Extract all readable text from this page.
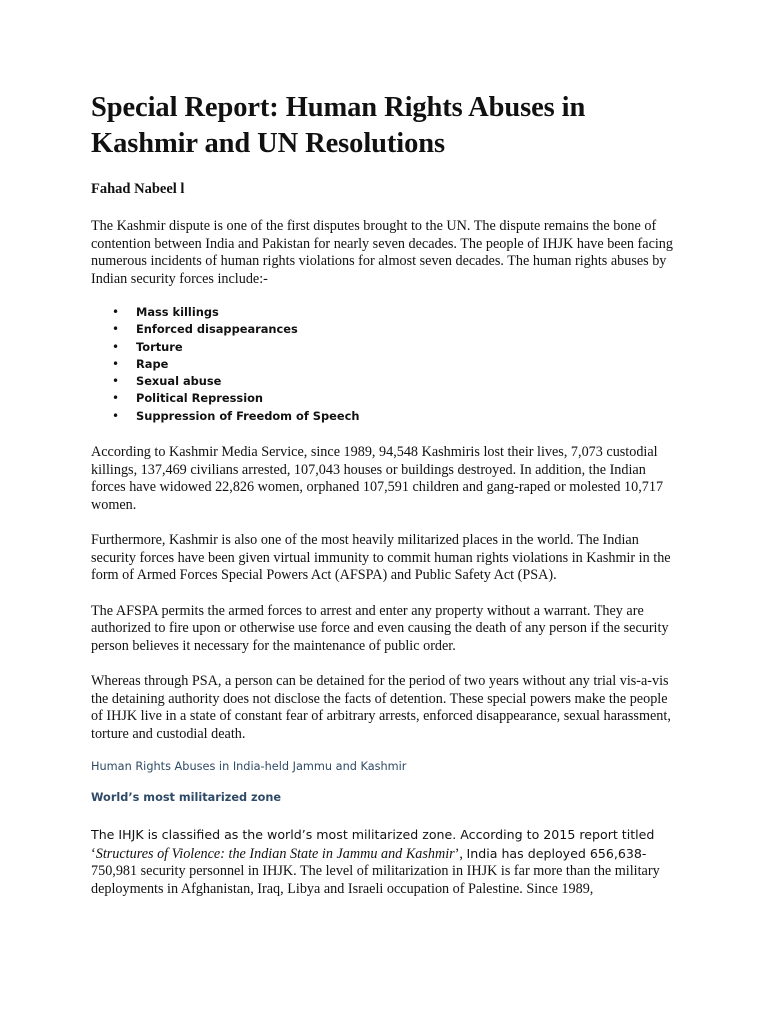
Special Report: Human Rights Abuses in Kashmir and UN Resolutions

Fahad Nabeel l

The Kashmir dispute is one of the first disputes brought to the UN. The dispute remains the bone of contention between India and Pakistan for nearly seven decades. The people of IHJK have been facing numerous incidents of human rights violations for almost seven decades. The human rights abuses by Indian security forces include:-

• Mass killings
• Enforced disappearances
• Torture
• Rape
• Sexual abuse
• Political Repression
• Suppression of Freedom of Speech

According to Kashmir Media Service, since 1989, 94,548 Kashmiris lost their lives, 7,073 custodial killings, 137,469 civilians arrested, 107,043 houses or buildings destroyed. In addition, the Indian forces have widowed 22,826 women, orphaned 107,591 children and gang-raped or molested 10,717 women.

Furthermore, Kashmir is also one of the most heavily militarized places in the world. The Indian security forces have been given virtual immunity to commit human rights violations in Kashmir in the form of Armed Forces Special Powers Act (AFSPA) and Public Safety Act (PSA).

The AFSPA permits the armed forces to arrest and enter any property without a warrant. They are authorized to fire upon or otherwise use force and even causing the death of any person if the security person believes it necessary for the maintenance of public order.

Whereas through PSA, a person can be detained for the period of two years without any trial vis-a-vis the detaining authority does not disclose the facts of detention. These special powers make the people of IHJK live in a state of constant fear of arbitrary arrests, enforced disappearance, sexual harassment, torture and custodial death.

Human Rights Abuses in India-held Jammu and Kashmir
World’s most militarized zone

The IHJK is classified as the world’s most militarized zone. According to 2015 report titled
‘Structures of Violence: the Indian State in Jammu and Kashmir’, India has deployed 656,638-
750,981 security personnel in IHJK. The level of militarization in IHJK is far more than the military deployments in Afghanistan, Iraq, Libya and Israeli occupation of Palestine. Since 1989,
